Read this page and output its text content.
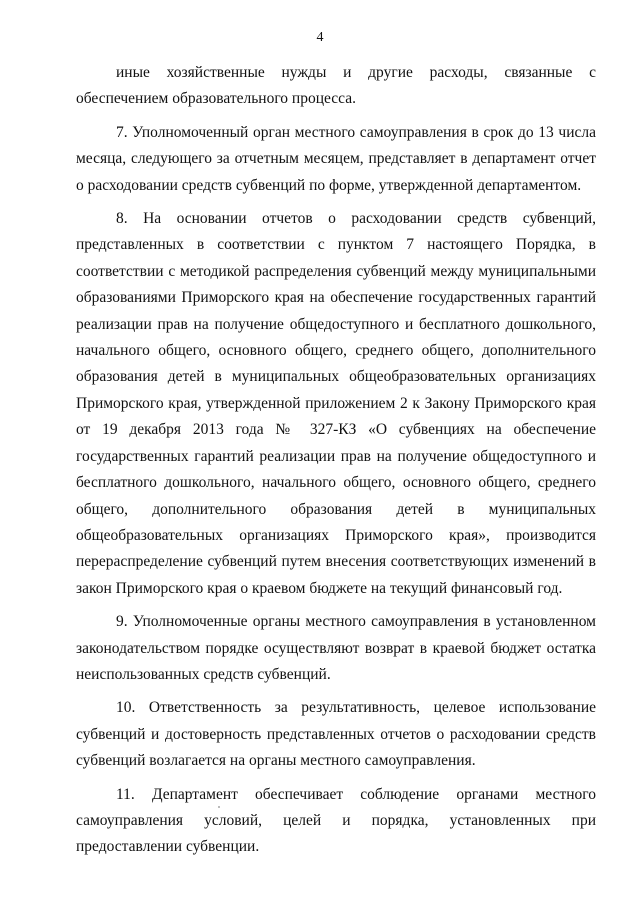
4

иные хозяйственные нужды и другие расходы, связанные с обеспечением образовательного процесса.

7. Уполномоченный орган местного самоуправления в срок до 13 числа месяца, следующего за отчетным месяцем, представляет в департамент отчет о расходовании средств субвенций по форме, утвержденной департаментом.

8. На основании отчетов о расходовании средств субвенций, представленных в соответствии с пунктом 7 настоящего Порядка, в соответствии с методикой распределения субвенций между муниципальными образованиями Приморского края на обеспечение государственных гарантий реализации прав на получение общедоступного и бесплатного дошкольного, начального общего, основного общего, среднего общего, дополнительного образования детей в муниципальных общеобразовательных организациях Приморского края, утвержденной приложением 2 к Закону Приморского края от 19 декабря 2013 года № 327-КЗ «О субвенциях на обеспечение государственных гарантий реализации прав на получение общедоступного и бесплатного дошкольного, начального общего, основного общего, среднего общего, дополнительного образования детей в муниципальных общеобразовательных организациях Приморского края», производится перераспределение субвенций путем внесения соответствующих изменений в закон Приморского края о краевом бюджете на текущий финансовый год.

9. Уполномоченные органы местного самоуправления в установленном законодательством порядке осуществляют возврат в краевой бюджет остатка неиспользованных средств субвенций.

10. Ответственность за результативность, целевое использование субвенций и достоверность представленных отчетов о расходовании средств субвенций возлагается на органы местного самоуправления.

11. Департамент обеспечивает соблюдение органами местного самоуправления условий, целей и порядка, установленных при предоставлении субвенции.
